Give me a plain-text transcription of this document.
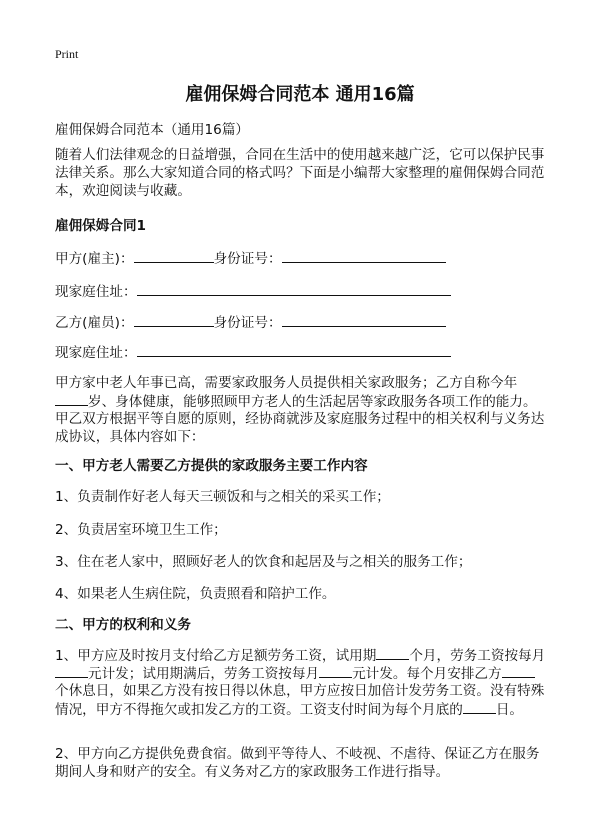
Print
雇佣保姆合同范本 通用16篇
雇佣保姆合同范本（通用16篇）
随着人们法律观念的日益增强，合同在生活中的使用越来越广泛，它可以保护民事
法律关系。那么大家知道合同的格式吗？下面是小编帮大家整理的雇佣保姆合同范
本，欢迎阅读与收藏。
雇佣保姆合同1
甲方(雇主)：	身份证号：
现家庭住址：
乙方(雇员)：	身份证号：
现家庭住址：
甲方家中老人年事已高，需要家政服务人员提供相关家政服务；乙方自称今年
岁、身体健康，能够照顾甲方老人的生活起居等家政服务各项工作的能力。
甲乙双方根据平等自愿的原则，经协商就涉及家庭服务过程中的相关权利与义务达
成协议，具体内容如下：
一、甲方老人需要乙方提供的家政服务主要工作内容
1、负责制作好老人每天三顿饭和与之相关的采买工作；
2、负责居室环境卫生工作；
3、住在老人家中，照顾好老人的饮食和起居及与之相关的服务工作；
4、如果老人生病住院，负责照看和陪护工作。
二、甲方的权利和义务
1、甲方应及时按月支付给乙方足额劳务工资，试用期 个月，劳务工资按每月
元计发；试用期满后，劳务工资按每月 元计发。每个月安排乙方
个休息日，如果乙方没有按日得以休息，甲方应按日加倍计发劳务工资。没有特殊
情况，甲方不得拖欠或扣发乙方的工资。工资支付时间为每个月底的 日。
2、甲方向乙方提供免费食宿。做到平等待人、不岐视、不虐待、保证乙方在服务
期间人身和财产的安全。有义务对乙方的家政服务工作进行指导。
